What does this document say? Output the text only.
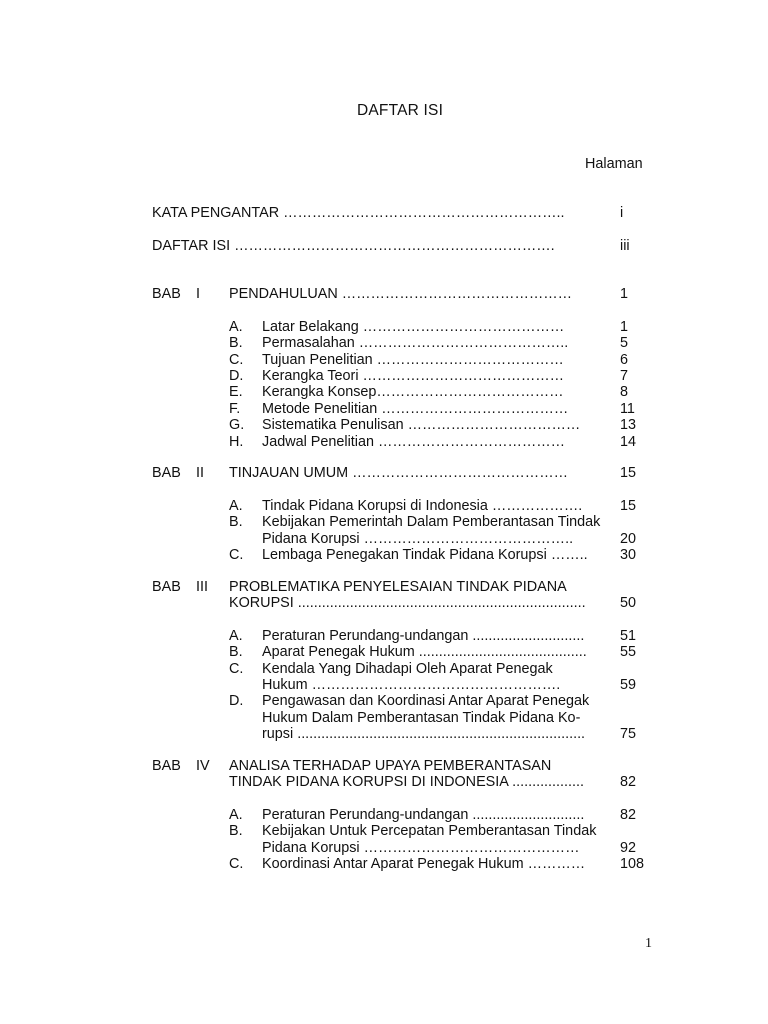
DAFTAR ISI
Halaman
KATA PENGANTAR …………………………………………………..	i
DAFTAR ISI ………………………………………………………….	iii
BAB I PENDAHULUAN …………………………………………	1
A. Latar Belakang ……………………………………	1
B. Permasalahan ……………………………………..	5
C. Tujuan Penelitian …………………………………	6
D. Kerangka Teori ……………………………………	7
E. Kerangka Konsep…………………………………	8
F. Metode Penelitian …………………………………	11
G. Sistematika Penulisan ………………………………	13
H. Jadwal Penelitian …………………………………	14
BAB II TINJAUAN UMUM ………………………………………	15
A. Tindak Pidana Korupsi di Indonesia ……………….	15
B. Kebijakan Pemerintah Dalam Pemberantasan Tindak
Pidana Korupsi ……………………………………..	20
C. Lembaga Penegakan Tindak Pidana Korupsi …….. 30
BAB III PROBLEMATIKA PENYELESAIAN TINDAK PIDANA
KORUPSI ........................................................................ 50
A. Peraturan Perundang-undangan ............................ 51
B. Aparat Penegak Hukum .......................................... 55
C. Kendala Yang Dihadapi Oleh Aparat Penegak
Hukum …………………………………………….	59
D. Pengawasan dan Koordinasi Antar Aparat Penegak
Hukum Dalam Pemberantasan Tindak Pidana Ko-
rupsi ........................................................................ 75
BAB IV ANALISA TERHADAP UPAYA PEMBERANTASAN
TINDAK PIDANA KORUPSI DI INDONESIA .................. 82
A. Peraturan Perundang-undangan ............................ 82
B. Kebijakan Untuk Percepatan Pemberantasan Tindak
Pidana Korupsi ………………………………………	92
C. Koordinasi Antar Aparat Penegak Hukum ………… 108
1
